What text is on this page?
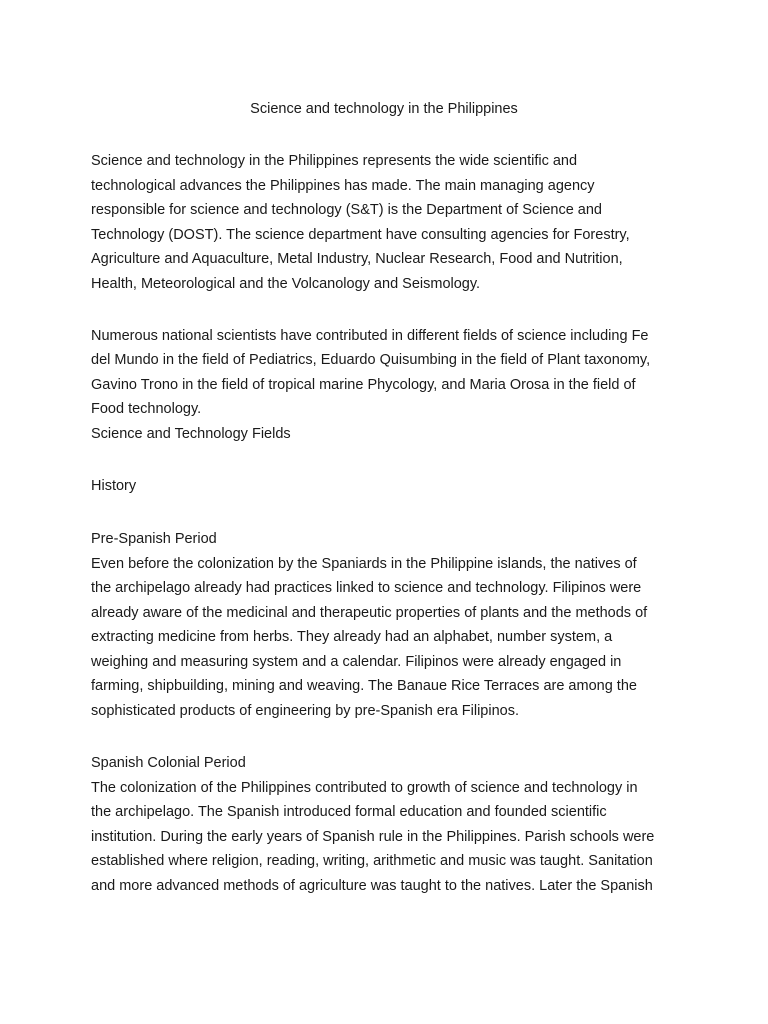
Science and technology in the Philippines
Science and technology in the Philippines represents the wide scientific and
technological advances the Philippines has made. The main managing agency
responsible for science and technology (S&T) is the Department of Science and
Technology (DOST). The science department have consulting agencies for Forestry,
Agriculture and Aquaculture, Metal Industry, Nuclear Research, Food and Nutrition,
Health, Meteorological and the Volcanology and Seismology.
Numerous national scientists have contributed in different fields of science including Fe
del Mundo in the field of Pediatrics, Eduardo Quisumbing in the field of Plant taxonomy,
Gavino Trono in the field of tropical marine Phycology, and Maria Orosa in the field of
Food technology.
Science and Technology Fields
History
Pre-Spanish Period
Even before the colonization by the Spaniards in the Philippine islands, the natives of
the archipelago already had practices linked to science and technology. Filipinos were
already aware of the medicinal and therapeutic properties of plants and the methods of
extracting medicine from herbs. They already had an alphabet, number system, a
weighing and measuring system and a calendar. Filipinos were already engaged in
farming, shipbuilding, mining and weaving. The Banaue Rice Terraces are among the
sophisticated products of engineering by pre-Spanish era Filipinos.
Spanish Colonial Period
The colonization of the Philippines contributed to growth of science and technology in
the archipelago. The Spanish introduced formal education and founded scientific
institution. During the early years of Spanish rule in the Philippines. Parish schools were
established where religion, reading, writing, arithmetic and music was taught. Sanitation
and more advanced methods of agriculture was taught to the natives. Later the Spanish
